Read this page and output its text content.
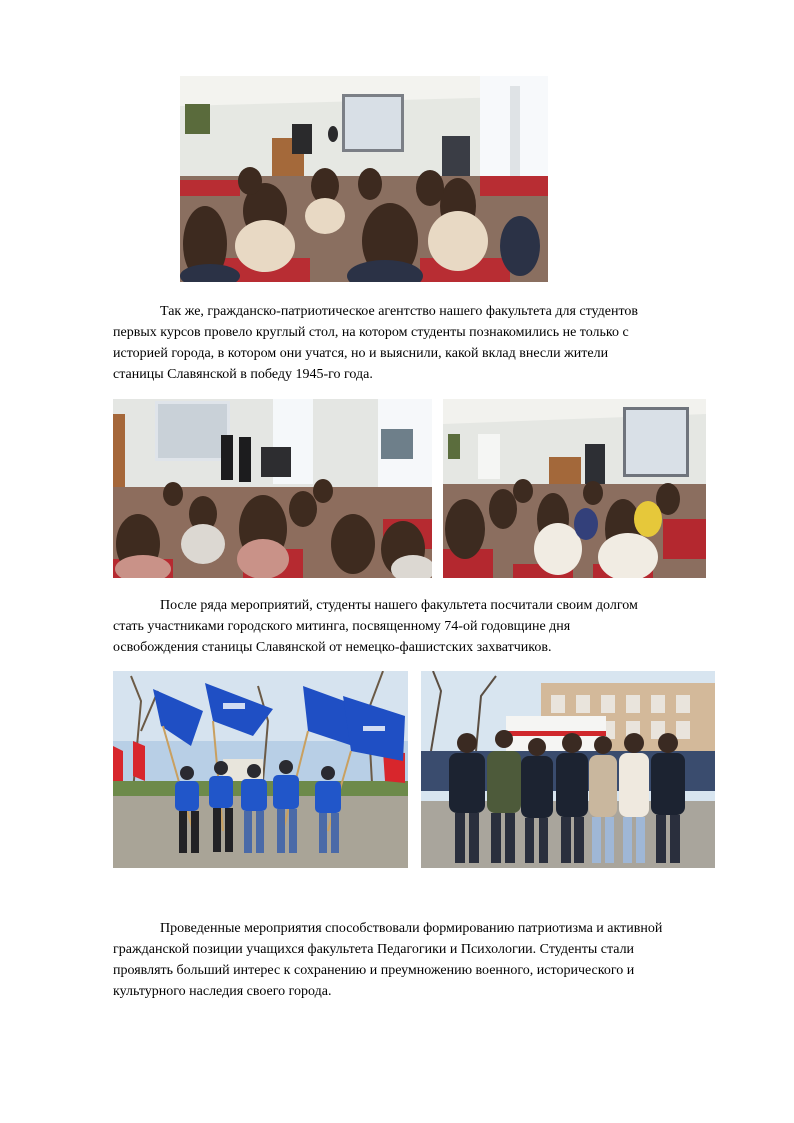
Так же, гражданско-патриотическое агентство нашего факультета для студентов
первых курсов провело круглый стол, на котором студенты познакомились не только с
историей города, в котором они учатся, но и выяснили, какой вклад внесли жители
станицы Славянской в победу 1945-го года.

После ряда мероприятий, студенты нашего факультета посчитали своим долгом
стать участниками городского митинга, посвященному 74-ой годовщине дня
освобождения станицы Славянской от немецко-фашистских захватчиков.

Проведенные мероприятия способствовали формированию патриотизма и активной
гражданской позиции учащихся факультета Педагогики и Психологии. Студенты стали
проявлять больший интерес к сохранению и преумножению военного, исторического и
культурного наследия своего города.
